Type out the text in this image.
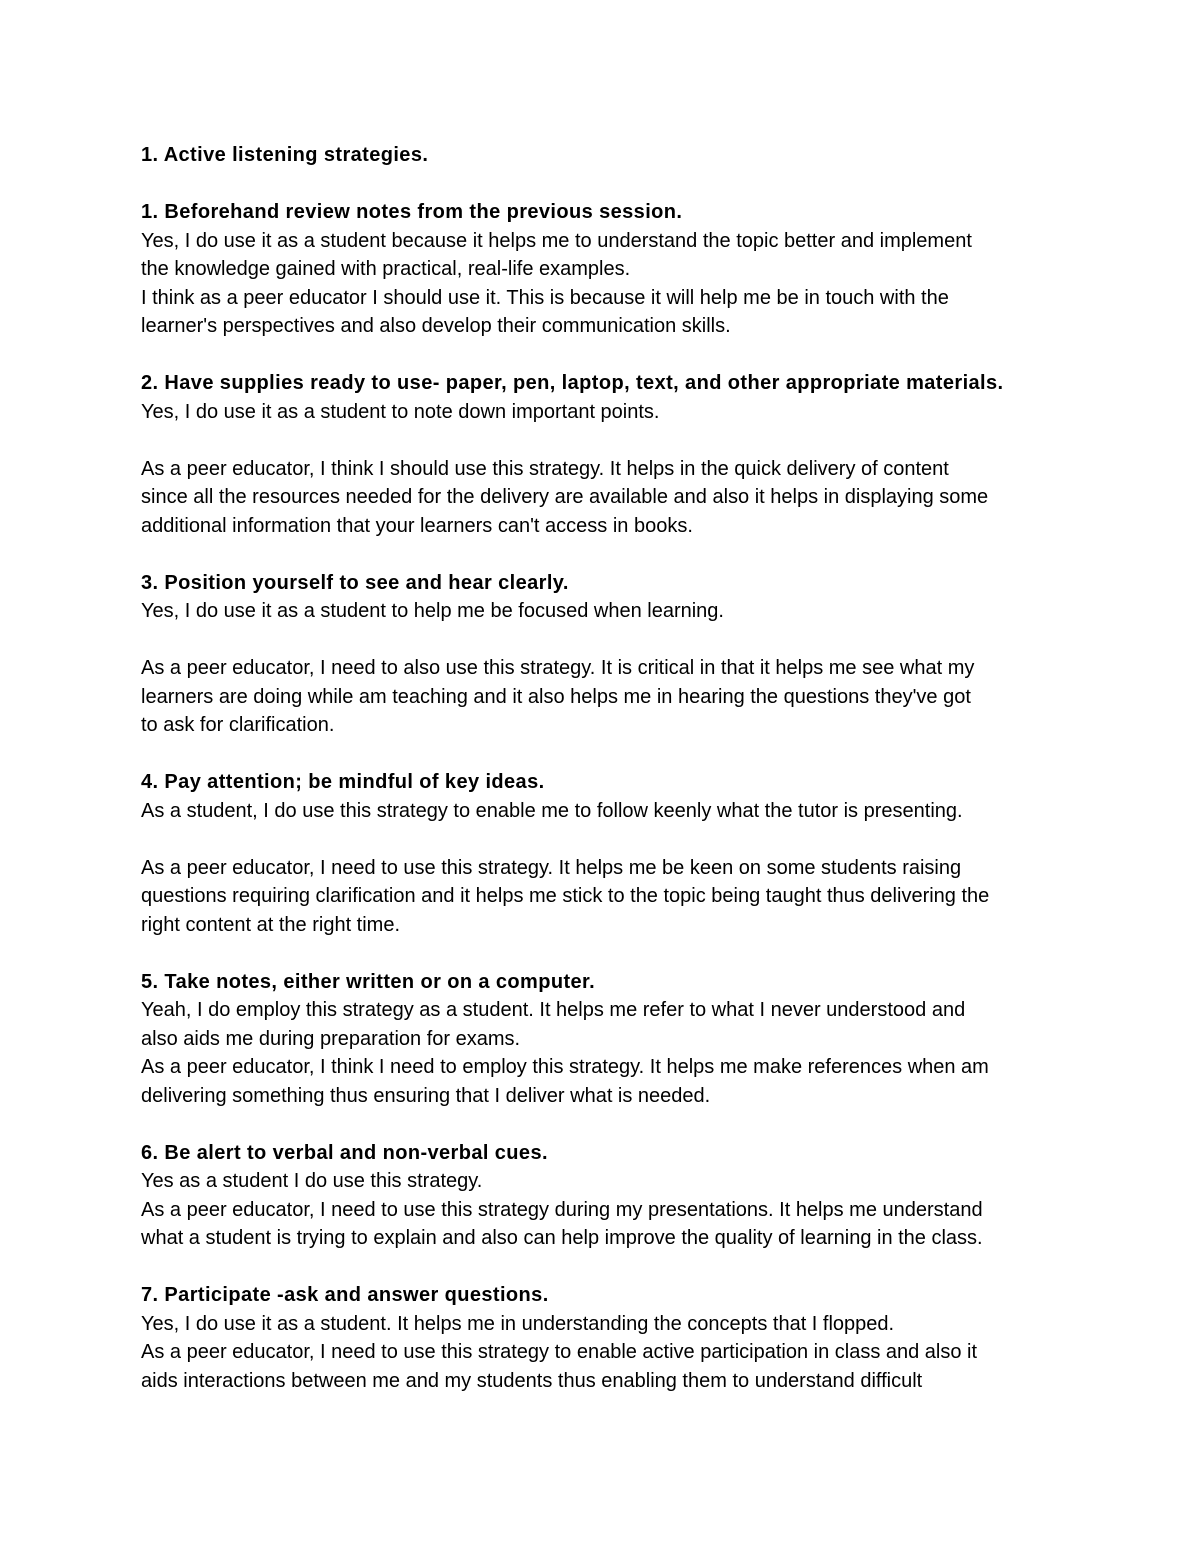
1. Active listening strategies.

1. Beforehand review notes from the previous session.

Yes, I do use it as a student because it helps me to understand the topic better and implement

the knowledge gained with practical, real-life examples.

I think as a peer educator I should use it. This is because it will help me be in touch with the

learner's perspectives and also develop their communication skills.

2. Have supplies ready to use- paper, pen, laptop, text, and other appropriate materials.

Yes, I do use it as a student to note down important points.

As a peer educator, I think I should use this strategy. It helps in the quick delivery of content

since all the resources needed for the delivery are available and also it helps in displaying some

additional information that your learners can't access in books.

3. Position yourself to see and hear clearly.

Yes, I do use it as a student to help me be focused when learning.

As a peer educator, I need to also use this strategy. It is critical in that it helps me see what my

learners are doing while am teaching and it also helps me in hearing the questions they've got

to ask for clarification.

4. Pay attention; be mindful of key ideas.

As a student, I do use this strategy to enable me to follow keenly what the tutor is presenting.

As a peer educator, I need to use this strategy. It helps me be keen on some students raising

questions requiring clarification and it helps me stick to the topic being taught thus delivering the

right content at the right time.

5. Take notes, either written or on a computer.

Yeah, I do employ this strategy as a student. It helps me refer to what I never understood and

also aids me during preparation for exams.

As a peer educator, I think I need to employ this strategy. It helps me make references when am

delivering something thus ensuring that I deliver what is needed.

6. Be alert to verbal and non-verbal cues.

Yes as a student I do use this strategy.

As a peer educator, I need to use this strategy during my presentations. It helps me understand

what a student is trying to explain and also can help improve the quality of learning in the class.

7. Participate -ask and answer questions.

Yes, I do use it as a student. It helps me in understanding the concepts that I flopped.

As a peer educator, I need to use this strategy to enable active participation in class and also it

aids interactions between me and my students thus enabling them to understand difficult
